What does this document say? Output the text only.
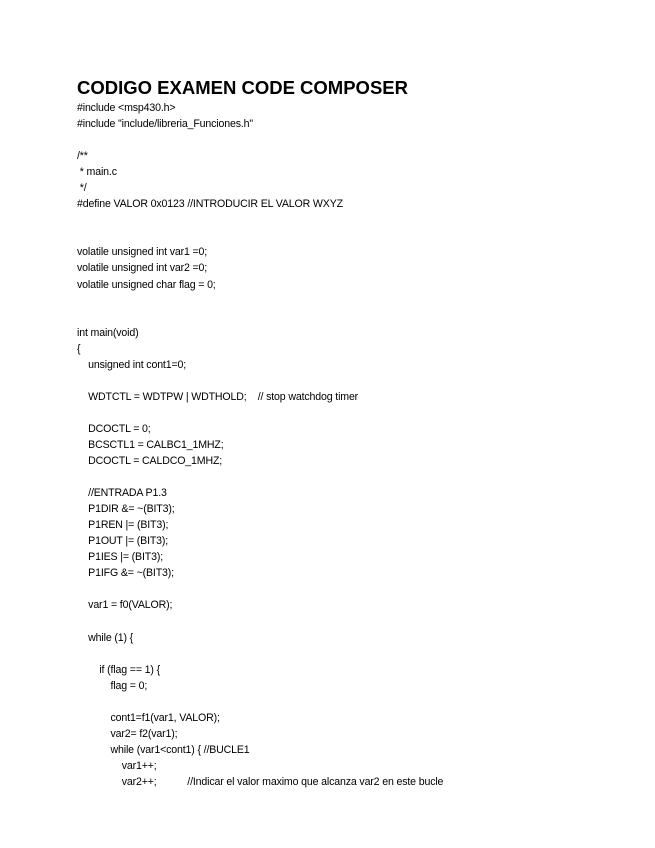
CODIGO EXAMEN CODE COMPOSER
#include <msp430.h>
#include "include/libreria_Funciones.h"
/**
* main.c
*/
#define VALOR 0x0123 //INTRODUCIR EL VALOR WXYZ
volatile unsigned int var1 =0;
volatile unsigned int var2 =0;
volatile unsigned char flag = 0;
int main(void)
{
unsigned int cont1=0;
WDTCTL = WDTPW | WDTHOLD;    // stop watchdog timer
DCOCTL = 0;
BCSCTL1 = CALBC1_1MHZ;
DCOCTL = CALDCO_1MHZ;
//ENTRADA P1.3
P1DIR &= ~(BIT3);
P1REN |= (BIT3);
P1OUT |= (BIT3);
P1IES |= (BIT3);
P1IFG &= ~(BIT3);
var1 = f0(VALOR);
while (1) {
if (flag == 1) {
flag = 0;
cont1=f1(var1, VALOR);
var2= f2(var1);
while (var1<cont1) { //BUCLE1
var1++;
var2++;           //Indicar el valor maximo que alcanza var2 en este bucle
